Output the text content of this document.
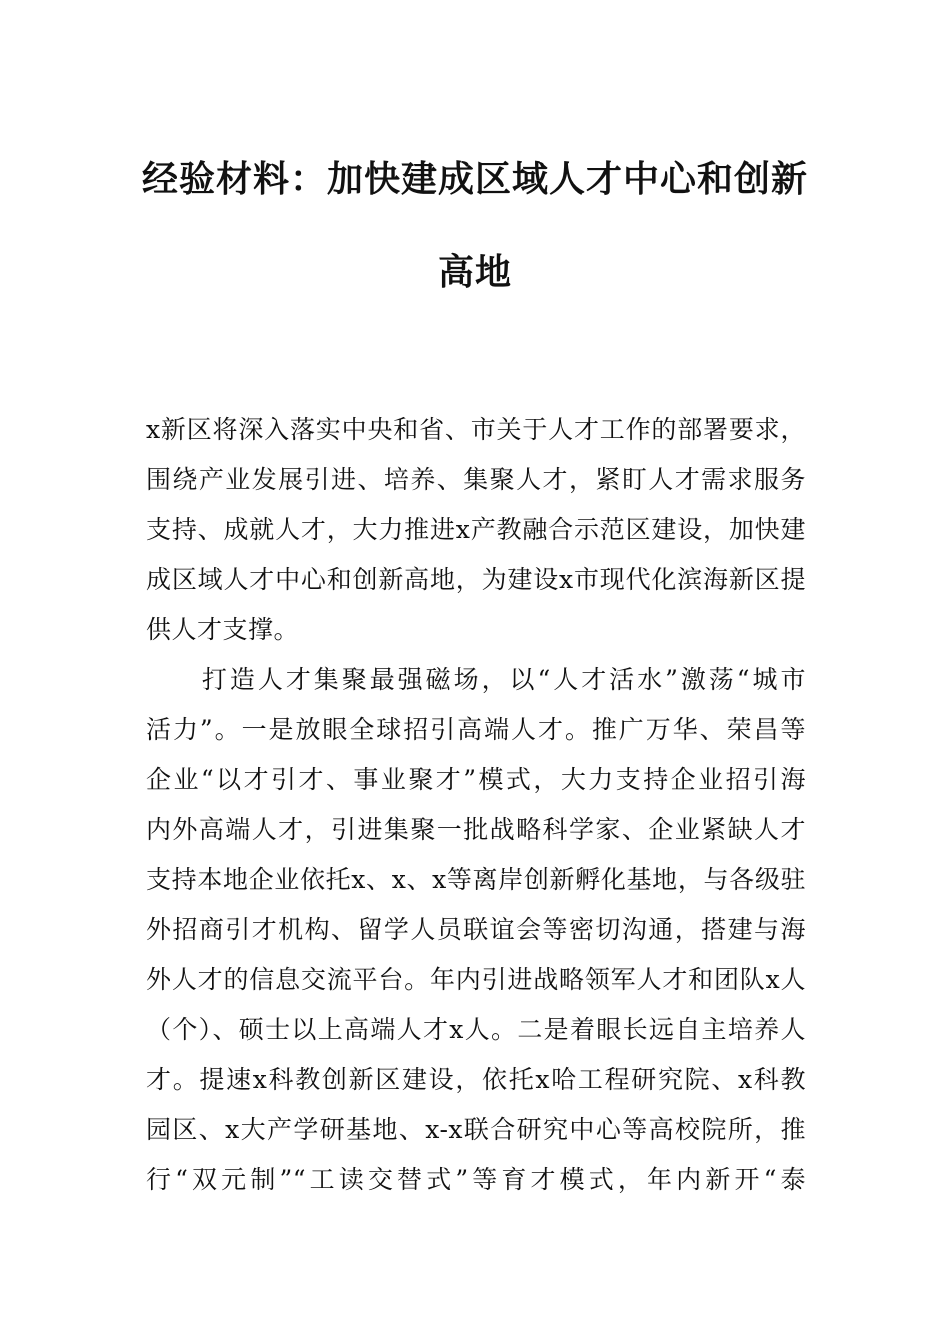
经验材料：加快建成区域人才中心和创新
高地
x新区将深入落实中央和省、市关于人才工作的部署要求，
围绕产业发展引进、培养、集聚人才，紧盯人才需求服务
支持、成就人才，大力推进x产教融合示范区建设，加快建
成区域人才中心和创新高地，为建设x市现代化滨海新区提
供人才支撑。
　　打造人才集聚最强磁场，以“人才活水”激荡“城市
活力”。一是放眼全球招引高端人才。推广万华、荣昌等
企业“以才引才、事业聚才”模式，大力支持企业招引海
内外高端人才，引进集聚一批战略科学家、企业紧缺人才
支持本地企业依托x、x、x等离岸创新孵化基地，与各级驻
外招商引才机构、留学人员联谊会等密切沟通，搭建与海
外人才的信息交流平台。年内引进战略领军人才和团队x人
（个）、硕士以上高端人才x人。二是着眼长远自主培养人
才。提速x科教创新区建设，依托x哈工程研究院、x科教
园区、x大产学研基地、x-x联合研究中心等高校院所，推
行“双元制”“工读交替式”等育才模式，年内新开“泰
